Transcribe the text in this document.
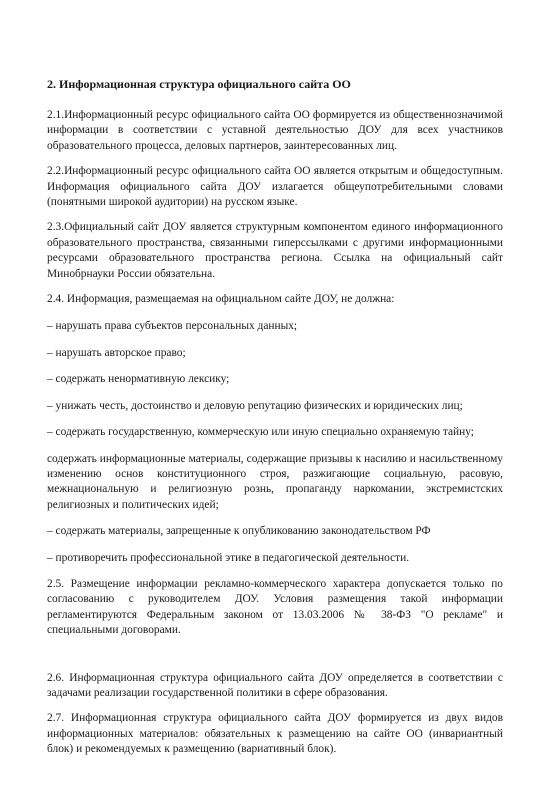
2. Информационная структура официального сайта ОО
2.1.Информационный ресурс официального сайта ОО формируется из общественнозначимой информации в соответствии с уставной деятельностью ДОУ для всех участников образовательного процесса, деловых партнеров, заинтересованных лиц.
2.2.Информационный ресурс официального сайта ОО является открытым и общедоступным. Информация официального сайта ДОУ излагается общеупотребительными словами (понятными широкой аудитории) на русском языке.
2.3.Официальный сайт ДОУ является структурным компонентом единого информационного образовательного пространства, связанными гиперссылками с другими информационными ресурсами образовательного пространства региона. Ссылка на официальный сайт Минобрнауки России обязательна.
2.4. Информация, размещаемая на официальном сайте ДОУ, не должна:
– нарушать права субъектов персональных данных;
– нарушать авторское право;
– содержать ненормативную лексику;
– унижать честь, достоинство и деловую репутацию физических и юридических лиц;
– содержать государственную, коммерческую или иную специально охраняемую тайну;
содержать информационные материалы, содержащие призывы к насилию и насильственному изменению основ конституционного строя, разжигающие социальную, расовую, межнациональную и религиозную рознь, пропаганду наркомании, экстремистских религиозных и политических идей;
– содержать материалы, запрещенные к опубликованию законодательством РФ
– противоречить профессиональной этике в педагогической деятельности.
2.5. Размещение информации рекламно-коммерческого характера допускается только по согласованию с руководителем ДОУ. Условия размещения такой информации регламентируются Федеральным законом от 13.03.2006 № 38-ФЗ "О рекламе" и специальными договорами.
2.6. Информационная структура официального сайта ДОУ определяется в соответствии с задачами реализации государственной политики в сфере образования.
2.7. Информационная структура официального сайта ДОУ формируется из двух видов информационных материалов: обязательных к размещению на сайте ОО (инвариантный блок) и рекомендуемых к размещению (вариативный блок).
